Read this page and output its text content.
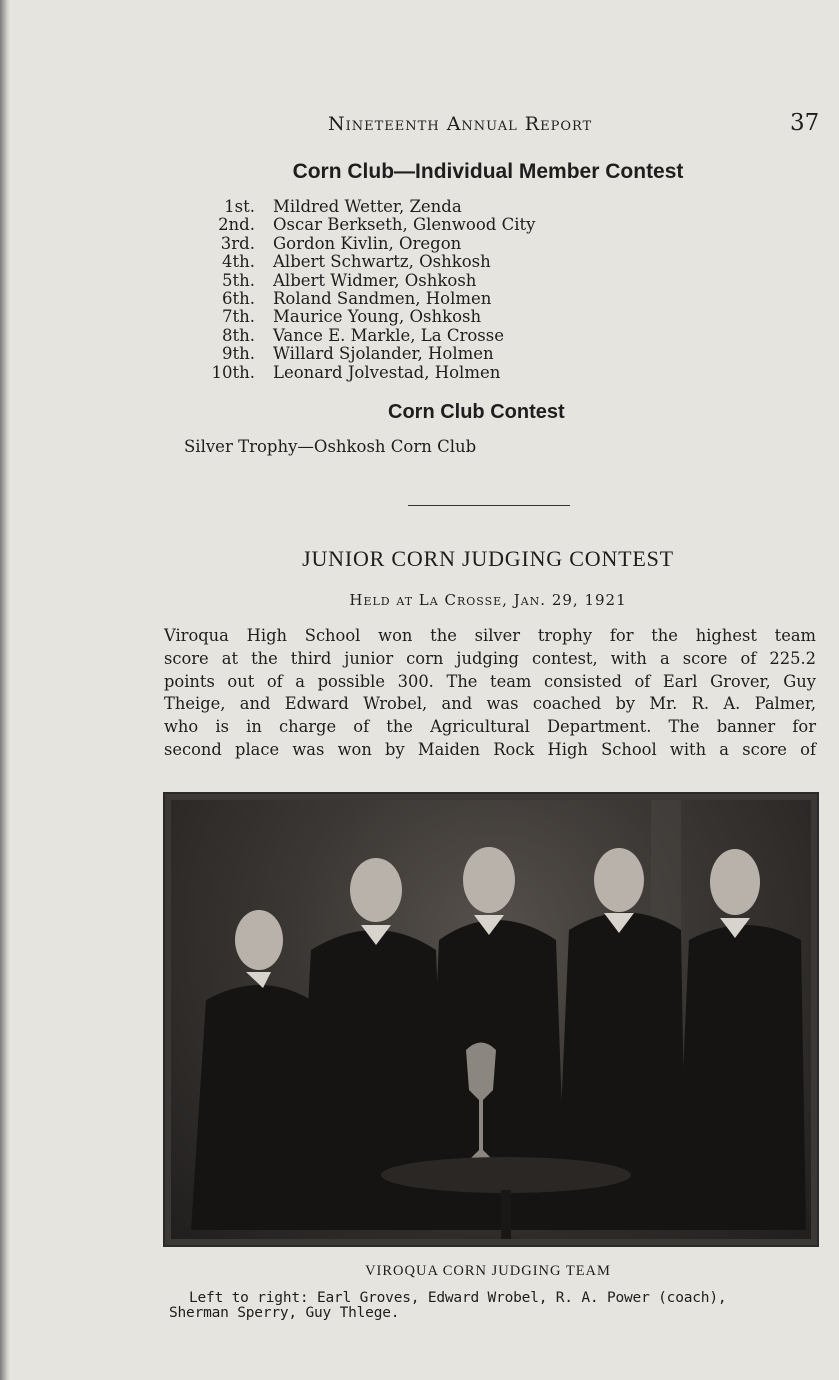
Nineteenth Annual Report	37
Corn Club—Individual Member Contest
1st.	Mildred Wetter, Zenda
2nd.	Oscar Berkseth, Glenwood City
3rd.	Gordon Kivlin, Oregon
4th.	Albert Schwartz, Oshkosh
5th.	Albert Widmer, Oshkosh
6th.	Roland Sandmen, Holmen
7th.	Maurice Young, Oshkosh
8th.	Vance E. Markle, La Crosse
9th.	Willard Sjolander, Holmen
10th.	Leonard Jolvestad, Holmen
Corn Club Contest
Silver Trophy—Oshkosh Corn Club
JUNIOR CORN JUDGING CONTEST
Held at La Crosse, Jan. 29, 1921

Viroqua High School won the silver trophy for the highest team
score at the third junior corn judging contest, with a score of 225.2
points out of a possible 300. The team consisted of Earl Grover, Guy
Theige, and Edward Wrobel, and was coached by Mr. R. A. Palmer,
who is in charge of the Agricultural Department. The banner for
second place was won by Maiden Rock High School with a score of

VIROQUA CORN JUDGING TEAM
Left to right: Earl Groves, Edward Wrobel, R. A. Power (coach),
Sherman Sperry, Guy Thlege.
